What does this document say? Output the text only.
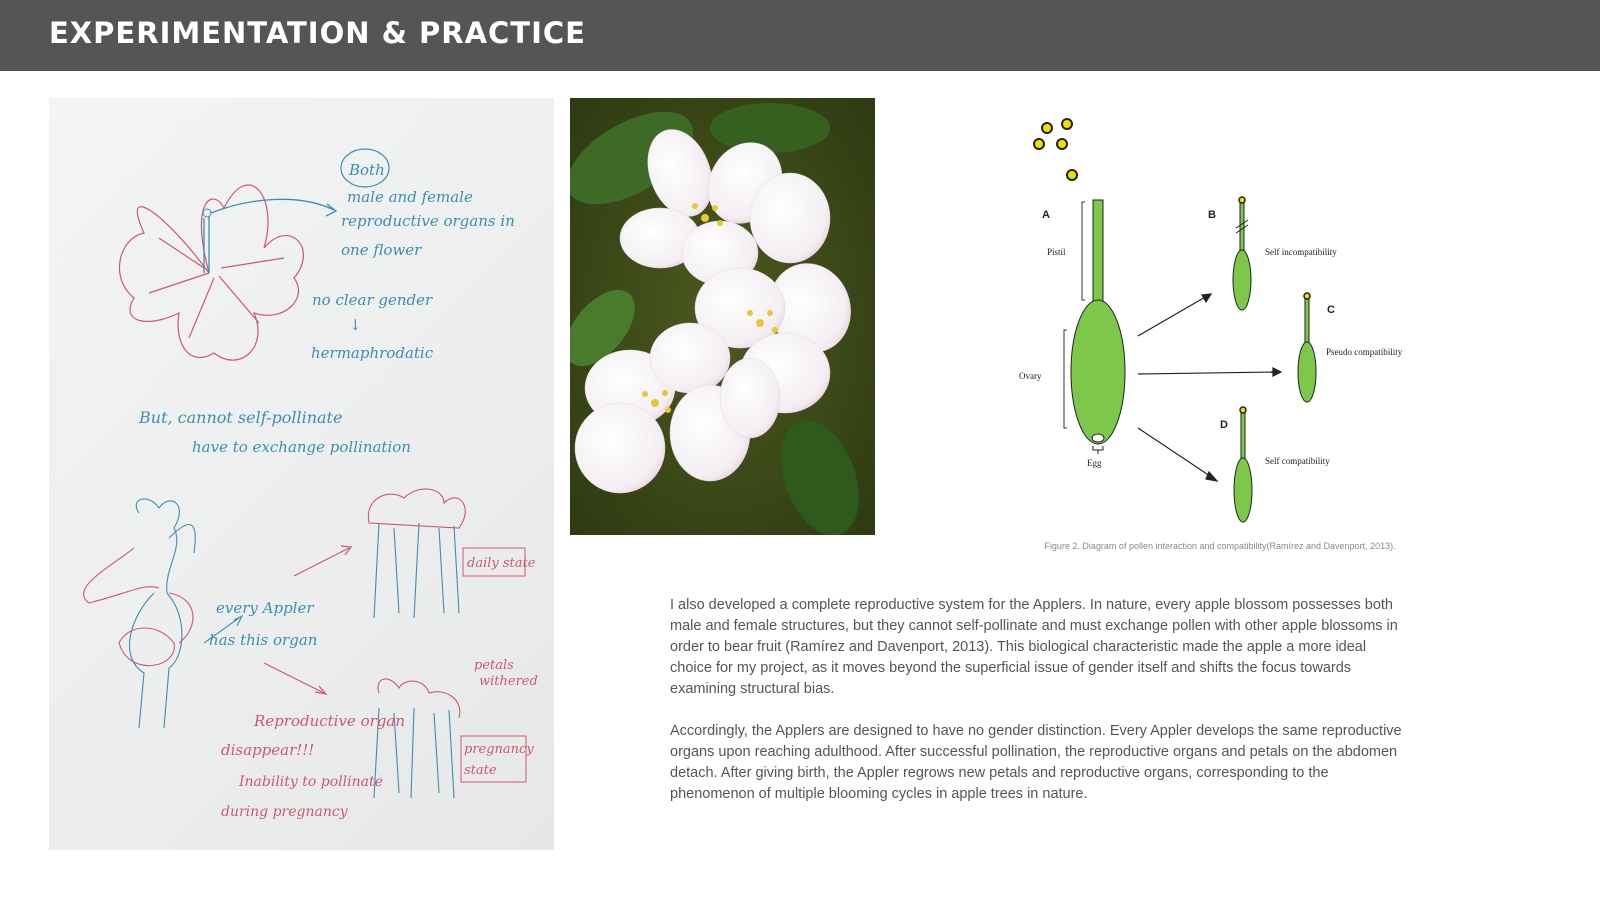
EXPERIMENTATION & PRACTICE
Both
male and female
reproductive organs in
one flower
no clear gender
↓
hermaphrodatic
But, cannot self-pollinate
have to exchange pollination
every Appler
has this organ
daily state
petals
withered
pregnancy
state
Reproductive organ
disappear!!!
Inability to pollinate
during pregnancy
A	B
C
D
Pistil
Ovary
Egg
Self incompatibility
Pseudo compatibility
Self compatibility
Figure 2. Diagram of pollen interaction and compatibility(Ramírez and Davenport, 2013).

I also developed a complete reproductive system for the Applers. In nature, every apple blossom possesses both male and female structures, but they cannot self-pollinate and must exchange pollen with other apple blossoms in order to bear fruit (Ramírez and Davenport, 2013). This biological characteristic made the apple a more ideal choice for my project, as it moves beyond the superficial issue of gender itself and shifts the focus towards examining structural bias.

Accordingly, the Applers are designed to have no gender distinction. Every Appler develops the same reproductive organs upon reaching adulthood. After successful pollination, the reproductive organs and petals on the abdomen detach. After giving birth, the Appler regrows new petals and reproductive organs, corresponding to the phenomenon of multiple blooming cycles in apple trees in nature.
